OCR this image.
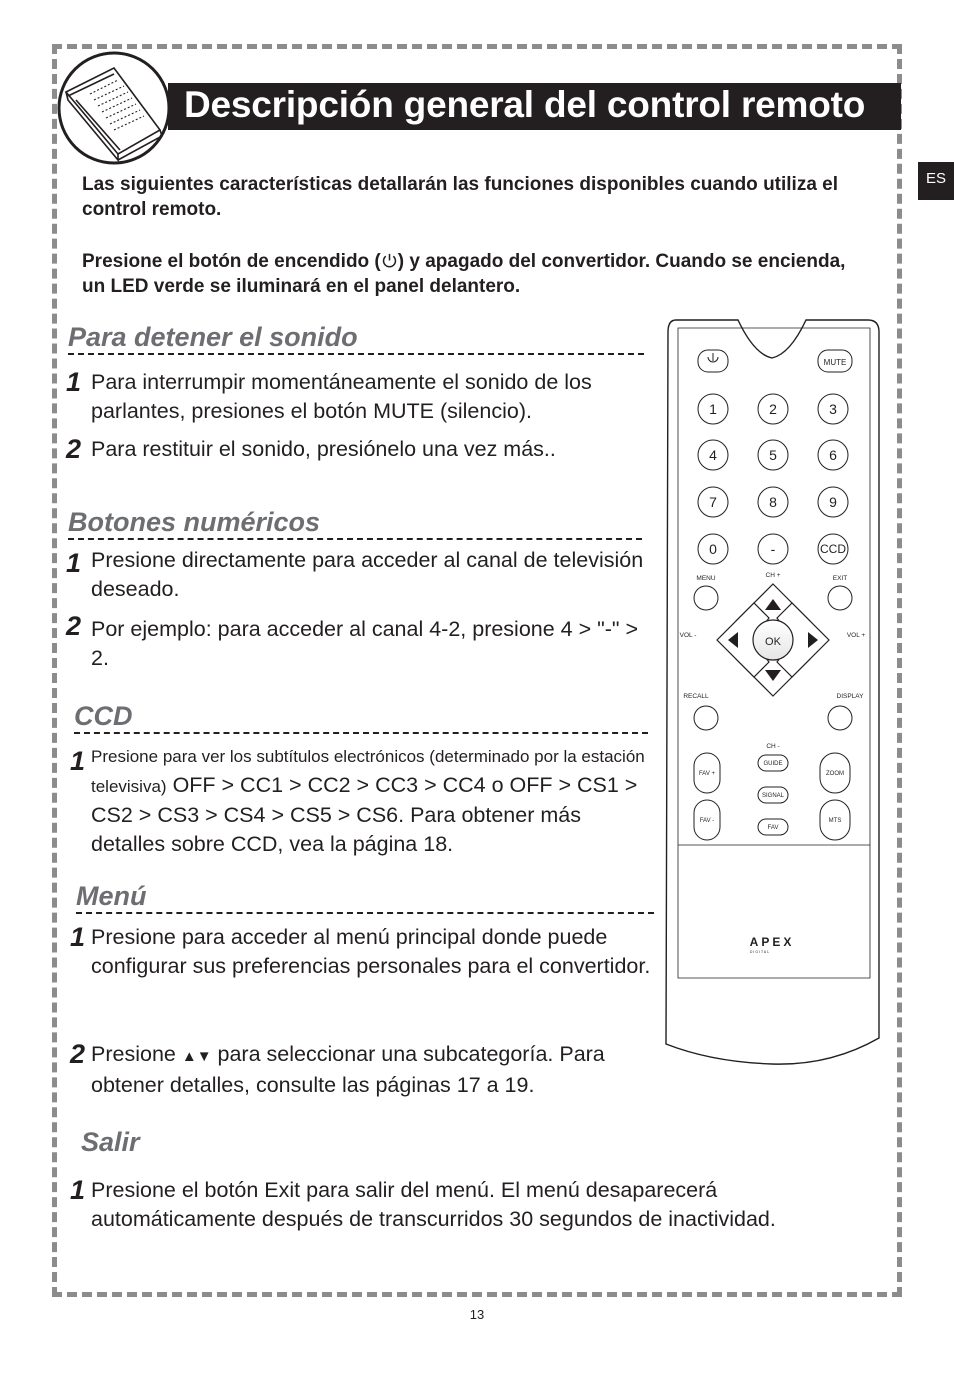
Descripción general del control remoto
ES
Las siguientes características detallarán las funciones disponibles cuando utiliza el control remoto.
Presione el botón de encendido ( ) y apagado del convertidor. Cuando se encienda, un LED verde se iluminará en el panel delantero.
Para detener el sonido
1 Para interrumpir momentáneamente el sonido de los parlantes, presiones el botón MUTE (silencio).
2 Para restituir el sonido, presiónelo una vez más..
Botones numéricos
1 Presione directamente para acceder al canal de televisión deseado.
2 Por ejemplo: para acceder al canal 4-2, presione 4 > "-" > 2.
CCD
1 Presione para ver los subtítulos electrónicos (determinado por la estación televisiva) OFF > CC1 > CC2 > CC3 > CC4 o OFF > CS1 > CS2 > CS3 > CS4 > CS5 > CS6. Para obtener más detalles sobre CCD, vea la página 18.
Menú
1 Presione para acceder al menú principal donde puede configurar sus preferencias personales para el convertidor.
2 Presione ▲▼ para seleccionar una subcategoría. Para obtener detalles, consulte las páginas 17 a 19.
Salir
1 Presione el botón Exit para salir del menú. El menú desaparecerá automáticamente después de transcurridos 30 segundos de inactividad.
MUTE
1	2	3
4	5	6
7	8	9
0	-	CCD
MENU	EXIT
CH +
VOL -	VOL +
RECALL	DISPLAY
CH -
OK
GUIDE
SIGNAL
FAV
FAV +
FAV -
ZOOM
MTS
APEX
DIGITAL
13
